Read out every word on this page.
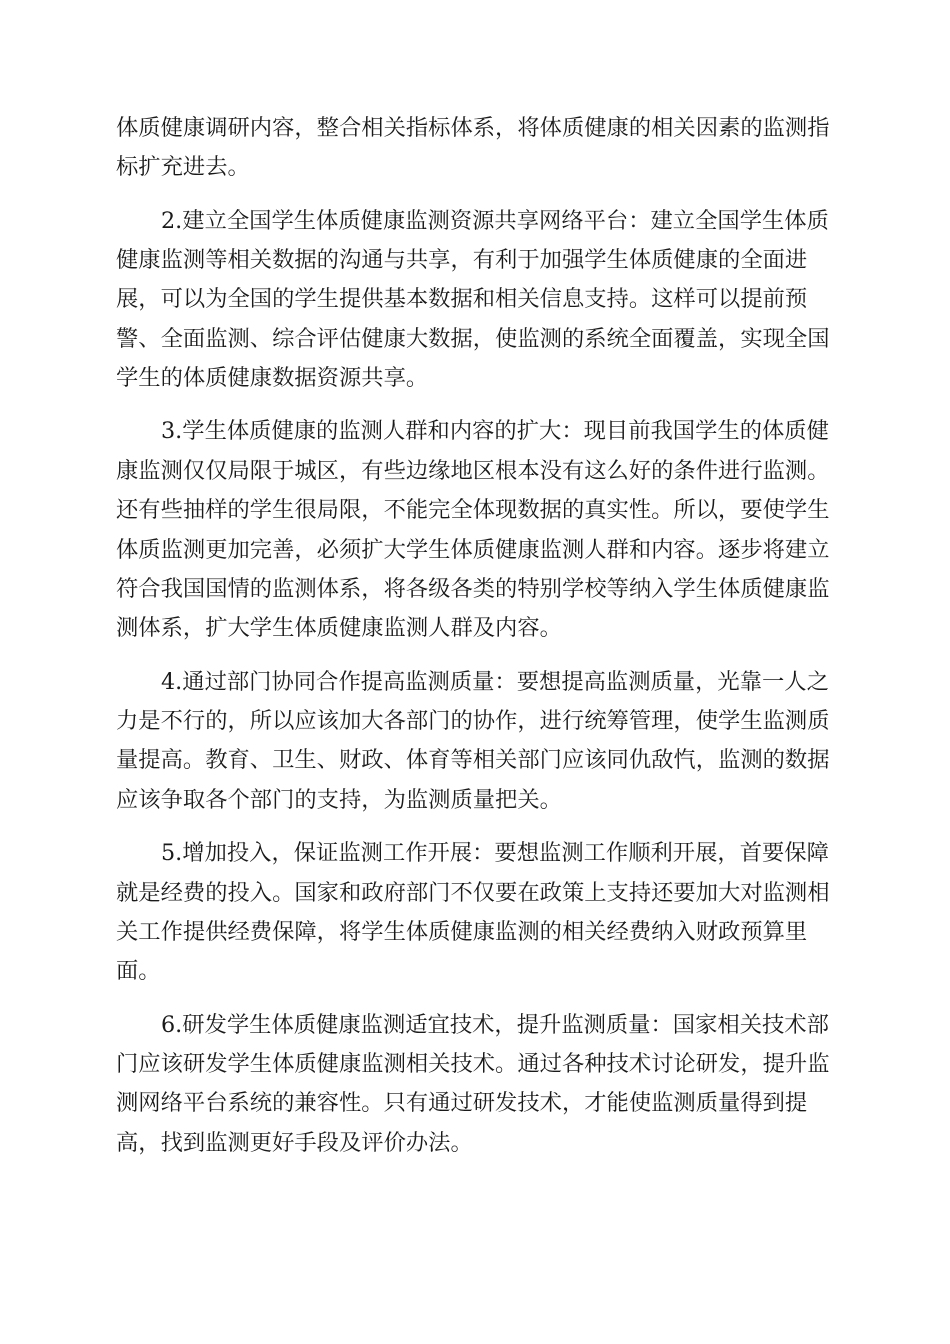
体质健康调研内容，整合相关指标体系，将体质健康的相关因素的监测指
标扩充进去。
2.建立全国学生体质健康监测资源共享网络平台：建立全国学生体质
健康监测等相关数据的沟通与共享，有利于加强学生体质健康的全面进
展，可以为全国的学生提供基本数据和相关信息支持。这样可以提前预
警、全面监测、综合评估健康大数据，使监测的系统全面覆盖，实现全国
学生的体质健康数据资源共享。
3.学生体质健康的监测人群和内容的扩大：现目前我国学生的体质健
康监测仅仅局限于城区，有些边缘地区根本没有这么好的条件进行监测。
还有些抽样的学生很局限，不能完全体现数据的真实性。所以，要使学生
体质监测更加完善，必须扩大学生体质健康监测人群和内容。逐步将建立
符合我国国情的监测体系，将各级各类的特别学校等纳入学生体质健康监
测体系，扩大学生体质健康监测人群及内容。
4.通过部门协同合作提高监测质量：要想提高监测质量，光靠一人之
力是不行的，所以应该加大各部门的协作，进行统筹管理，使学生监测质
量提高。教育、卫生、财政、体育等相关部门应该同仇敌忾，监测的数据
应该争取各个部门的支持，为监测质量把关。
5.增加投入，保证监测工作开展：要想监测工作顺利开展，首要保障
就是经费的投入。国家和政府部门不仅要在政策上支持还要加大对监测相
关工作提供经费保障，将学生体质健康监测的相关经费纳入财政预算里
面。
6.研发学生体质健康监测适宜技术，提升监测质量：国家相关技术部
门应该研发学生体质健康监测相关技术。通过各种技术讨论研发，提升监
测网络平台系统的兼容性。只有通过研发技术，才能使监测质量得到提
高，找到监测更好手段及评价办法。
